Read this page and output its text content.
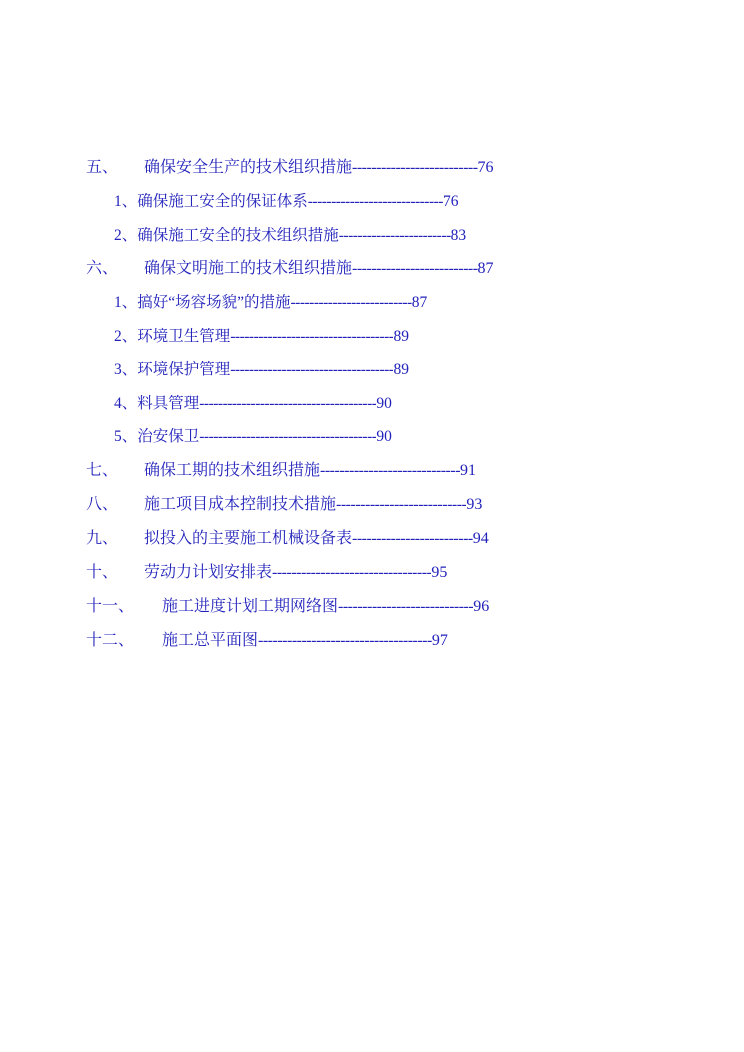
五、	确保安全生产的技术组织措施 -------------------------- 76
1、确保施工安全的保证体系 ----------------------------- 76
2、确保施工安全的技术组织措施 ------------------------ 83
六、	确保文明施工的技术组织措施 -------------------------- 87
1、搞好“场容场貌”的措施 -------------------------- 87
2、环境卫生管理 ----------------------------------- 89
3、环境保护管理 ----------------------------------- 89
4、料具管理 -------------------------------------- 90
5、治安保卫 -------------------------------------- 90
七、	确保工期的技术组织措施 ----------------------------- 91
八、	施工项目成本控制技术措施 --------------------------- 93
九、	拟投入的主要施工机械设备表 ------------------------- 94
十、	劳动力计划安排表 --------------------------------- 95
十一、	施工进度计划工期网络图 ---------------------------- 96
十二、	施工总平面图 ------------------------------------ 97
